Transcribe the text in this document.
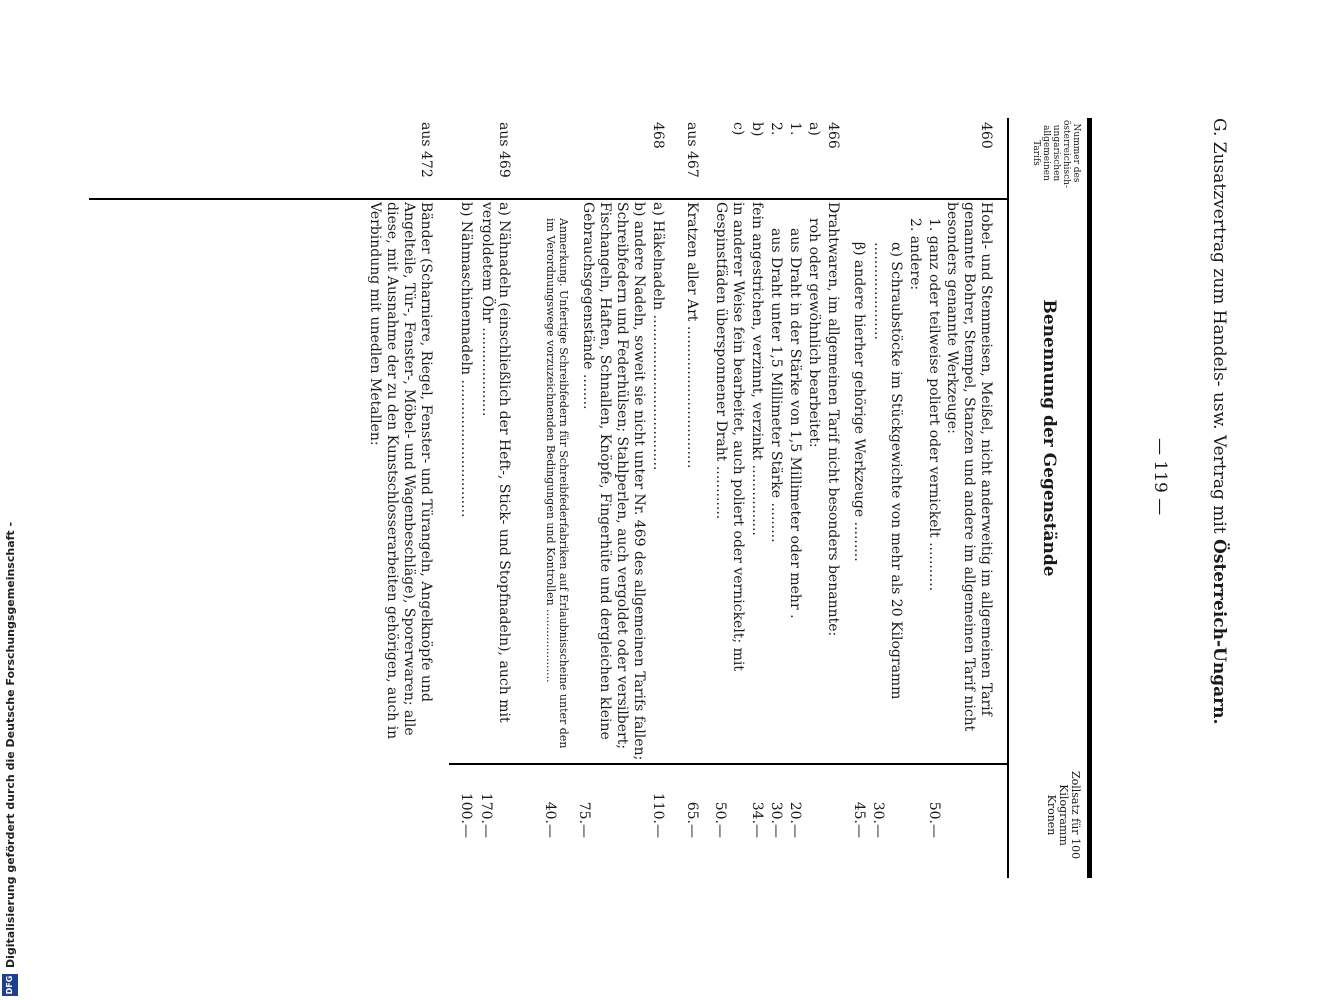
DFG
Digitalisierung gefördert durch die Deutsche Forschungsgemeinschaft -
G. Zusatzvertrag zum Handels- usw. Vertrag mit Österreich-Ungarn.
— 119 —
Nummer des österreichisch-ungarischen allgemeinen Tarifs
Benennung der Gegenstände
Zollsatz für 100 Kilogramm Kronen
460
Hobel- und Stemmeisen, Meißel, nicht anderweitig im allgemeinen Tarif genannte Bohrer, Stempel, Stanzen und andere im allgemeinen Tarif nicht besonders genannte Werkzeuge:
1. ganz oder teilweise poliert oder vernickelt ...........
50.—
2. andere:
α) Schraubstöcke im Stückgewichte von mehr als 20 Kilogramm ......................
30.—
β) andere hierher gehörige Werkzeuge .........
45.—
466
Drahtwaren, im allgemeinen Tarif nicht besonders benannte:
a)
roh oder gewöhnlich bearbeitet:
1.
aus Draht in der Stärke von 1,5 Millimeter oder mehr .
20.—
2.
aus Draht unter 1,5 Millimeter Stärke .........
30.—
b)
fein angestrichen, verzinnt, verzinkt ................
34.—
c)
in anderer Weise fein bearbeitet, auch poliert oder vernickelt; mit Gespinstfäden übersponnener Draht ............
50.—
aus 467
Kratzen aller Art ................................
65.—
468
a) Häkelnadeln ...................................
110.—
b) andere Nadeln, soweit sie nicht unter Nr. 469 des allgemeinen Tarifs fallen; Schreibfedern und Federhülsen; Stahlperlen, auch vergoldet oder versilbert; Fischangeln, Haften, Schnallen, Knöpfe, Fingerhüte und dergleichen kleine Gebrauchsgegenstände ........
75.—
Anmerkung. Unfertige Schreibfedern für Schreibfederfabriken auf Erlaubnisscheine unter den im Verordnungswege vorzuzeichnenden Bedingungen und Kontrollen .....................
40.—
aus 469
a) Nähnadeln (einschließlich der Heft-, Stick- und Stopfnadeln), auch mit vergoldetem Öhr ....................
170.—
b) Nähmaschinennadeln ...............................
100.—
aus 472
Bänder (Scharniere, Riegel, Fenster- und Türangeln, Angelknöpfe und Angelteile, Tür-, Fenster-, Möbel- und Wagenbeschläge), Sporerwaren; alle diese, mit Ausnahme der zu den Kunstschlosserarbeiten gehörigen, auch in Verbindung mit unedlen Metallen:
